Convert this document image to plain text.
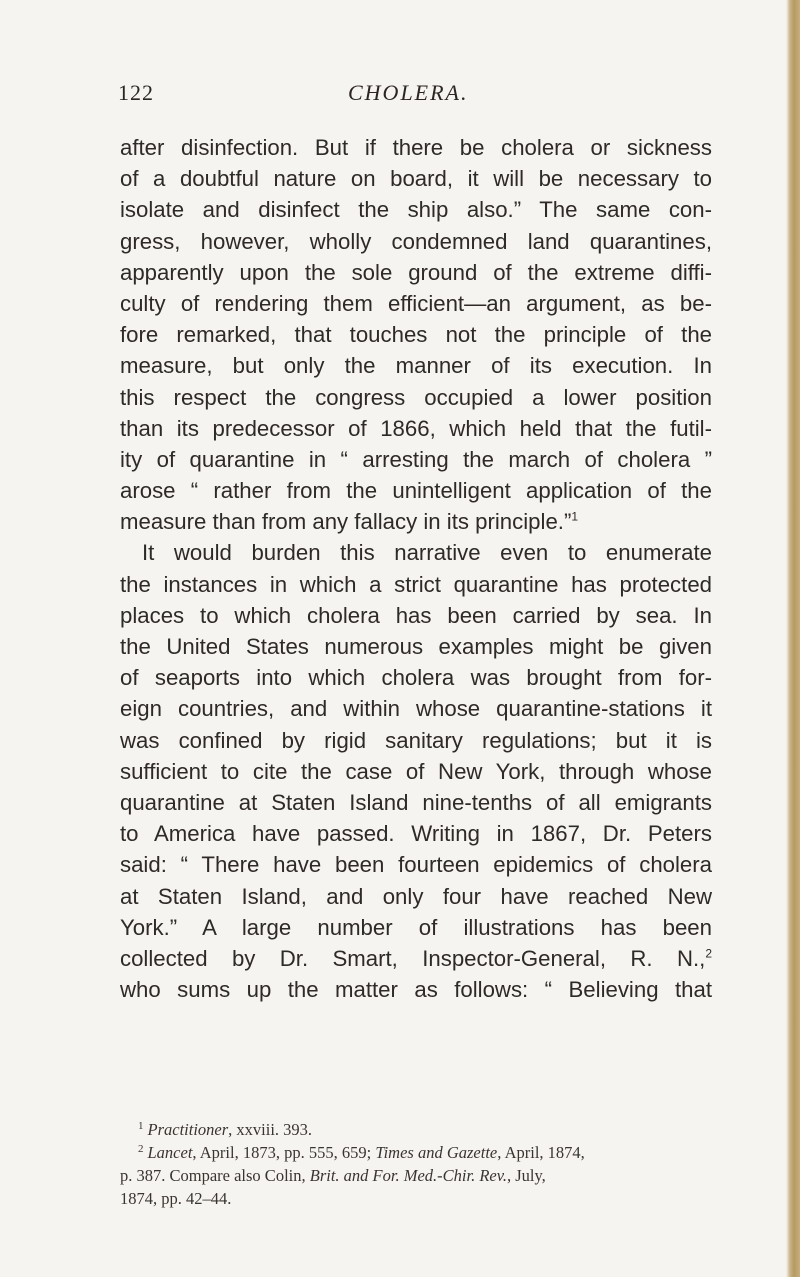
122	CHOLERA.
after disinfection. But if there be cholera or sickness
of a doubtful nature on board, it will be necessary to
isolate and disinfect the ship also.” The same con-
gress, however, wholly condemned land quarantines,
apparently upon the sole ground of the extreme diffi-
culty of rendering them efficient—an argument, as be-
fore remarked, that touches not the principle of the
measure, but only the manner of its execution. In
this respect the congress occupied a lower position
than its predecessor of 1866, which held that the futil-
ity of quarantine in “ arresting the march of cholera ”
arose “ rather from the unintelligent application of the
measure than from any fallacy in its principle.”$^1$
It would burden this narrative even to enumerate
the instances in which a strict quarantine has protected
places to which cholera has been carried by sea. In
the United States numerous examples might be given
of seaports into which cholera was brought from for-
eign countries, and within whose quarantine-stations it
was confined by rigid sanitary regulations; but it is
sufficient to cite the case of New York, through whose
quarantine at Staten Island nine-tenths of all emigrants
to America have passed. Writing in 1867, Dr. Peters
said: “ There have been fourteen epidemics of cholera
at Staten Island, and only four have reached New
York.” A large number of illustrations has been
collected by Dr. Smart, Inspector-General, R. N.,$^2$
who sums up the matter as follows: “ Believing that
$^1$ Practitioner, xxviii. 393.
$^2$ Lancet, April, 1873, pp. 555, 659; Times and Gazette, April, 1874,
p. 387. Compare also Colin, Brit. and For. Med.-Chir. Rev., July,
1874, pp. 42–44.
